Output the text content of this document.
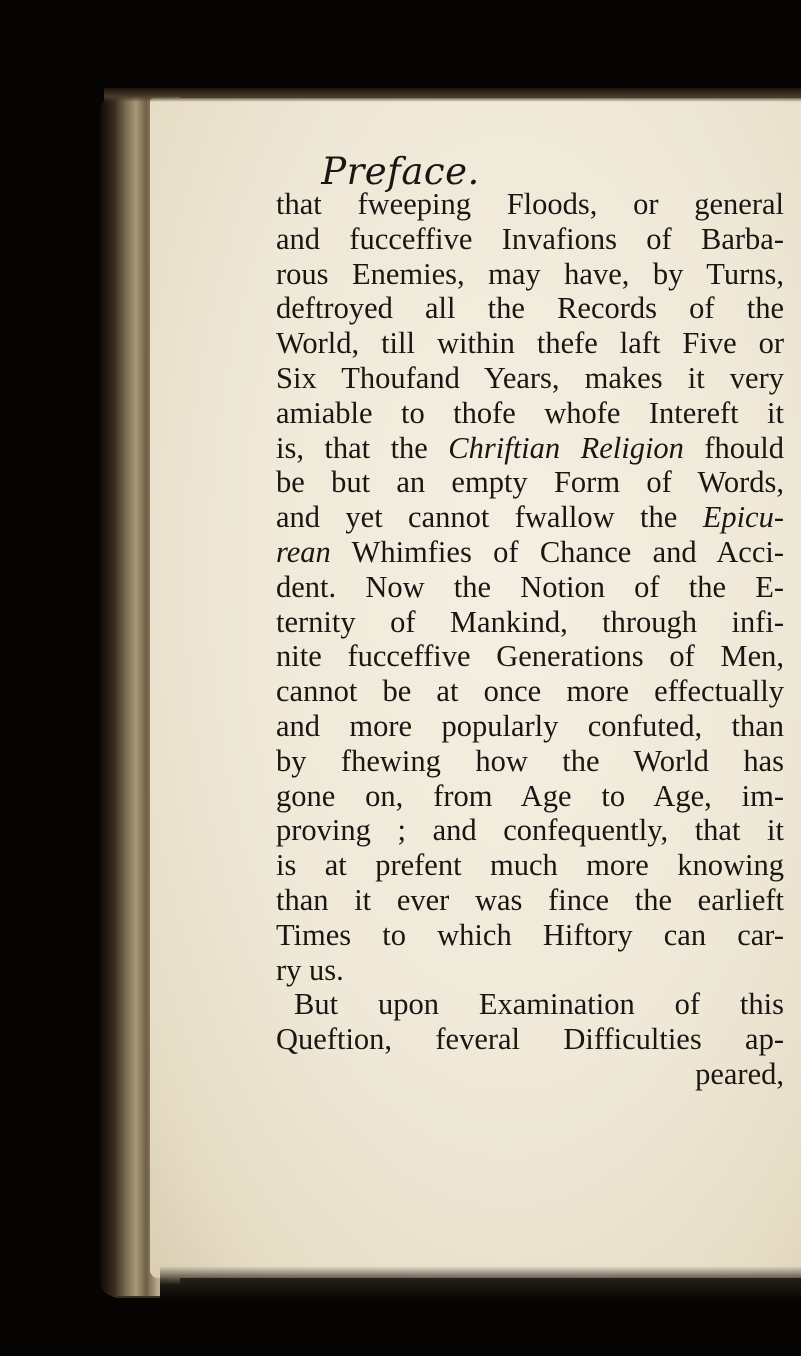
Preface.
that fweeping Floods, or general
and fucceffive Invafions of Barba-
rous Enemies, may have, by Turns,
deftroyed all the Records of the
World, till within thefe laft Five or
Six Thoufand Years, makes it very
amiable to thofe whofe Intereft it
is, that the Chriftian Religion fhould
be but an empty Form of Words,
and yet cannot fwallow the Epicu-
rean Whimfies of Chance and Acci-
dent. Now the Notion of the E-
ternity of Mankind, through infi-
nite fucceffive Generations of Men,
cannot be at once more effectually
and more popularly confuted, than
by fhewing how the World has
gone on, from Age to Age, im-
proving ; and confequently, that it
is at prefent much more knowing
than it ever was fince the earlieft
Times to which Hiftory can car-
ry us.
But upon Examination of this
Queftion, feveral Difficulties ap-
peared,
